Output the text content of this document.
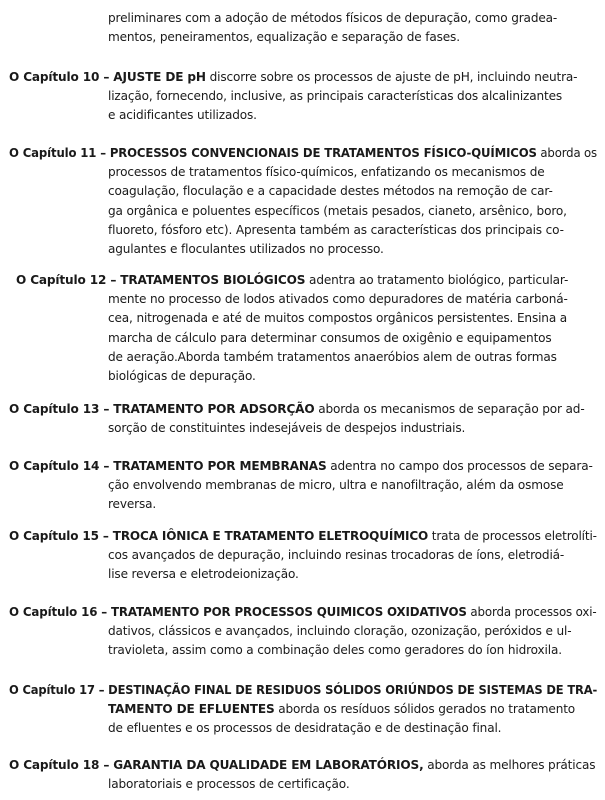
preliminares com a adoção de métodos físicos de depuração, como gradea-
mentos, peneiramentos, equalização e separação de fases.
O Capítulo 10 – AJUSTE DE pH discorre sobre os processos de ajuste de pH, incluindo neutra-
lização, fornecendo, inclusive, as principais características dos alcalinizantes
e acidificantes utilizados.
O Capítulo 11 – PROCESSOS CONVENCIONAIS DE TRATAMENTOS FÍSICO-QUÍMICOS aborda os
processos de tratamentos físico-químicos, enfatizando os mecanismos de
coagulação, floculação e a capacidade destes métodos na remoção de car-
ga orgânica e poluentes específicos (metais pesados, cianeto, arsênico, boro,
fluoreto, fósforo etc). Apresenta também as características dos principais co-
agulantes e floculantes utilizados no processo.
O Capítulo 12 – TRATAMENTOS BIOLÓGICOS adentra ao tratamento biológico, particular-
mente no processo de lodos ativados como depuradores de matéria carboná-
cea, nitrogenada e até de muitos compostos orgânicos persistentes. Ensina a
marcha de cálculo para determinar consumos de oxigênio e equipamentos
de aeração.Aborda também tratamentos anaeróbios alem de outras formas
biológicas de depuração.
O Capítulo 13 – TRATAMENTO POR ADSORÇÃO aborda os mecanismos de separação por ad-
sorção de constituintes indesejáveis de despejos industriais.
O Capítulo 14 – TRATAMENTO POR MEMBRANAS adentra no campo dos processos de separa-
ção envolvendo membranas de micro, ultra e nanofiltração, além da osmose
reversa.
O Capítulo 15 – TROCA IÔNICA E TRATAMENTO ELETROQUÍMICO trata de processos eletrolíti-
cos avançados de depuração, incluindo resinas trocadoras de íons, eletrodiá-
lise reversa e eletrodeionização.
O Capítulo 16 – TRATAMENTO POR PROCESSOS QUIMICOS OXIDATIVOS aborda processos oxi-
dativos, clássicos e avançados, incluindo cloração, ozonização, peróxidos e ul-
travioleta, assim como a combinação deles como geradores do íon hidroxila.
O Capítulo 17 – DESTINAÇÃO FINAL DE RESIDUOS SÓLIDOS ORIÚNDOS DE SISTEMAS DE TRA-
TAMENTO DE EFLUENTES aborda os resíduos sólidos gerados no tratamento
de efluentes e os processos de desidratação e de destinação final.
O Capítulo 18 – GARANTIA DA QUALIDADE EM LABORATÓRIOS, aborda as melhores práticas
laboratoriais e processos de certificação.
